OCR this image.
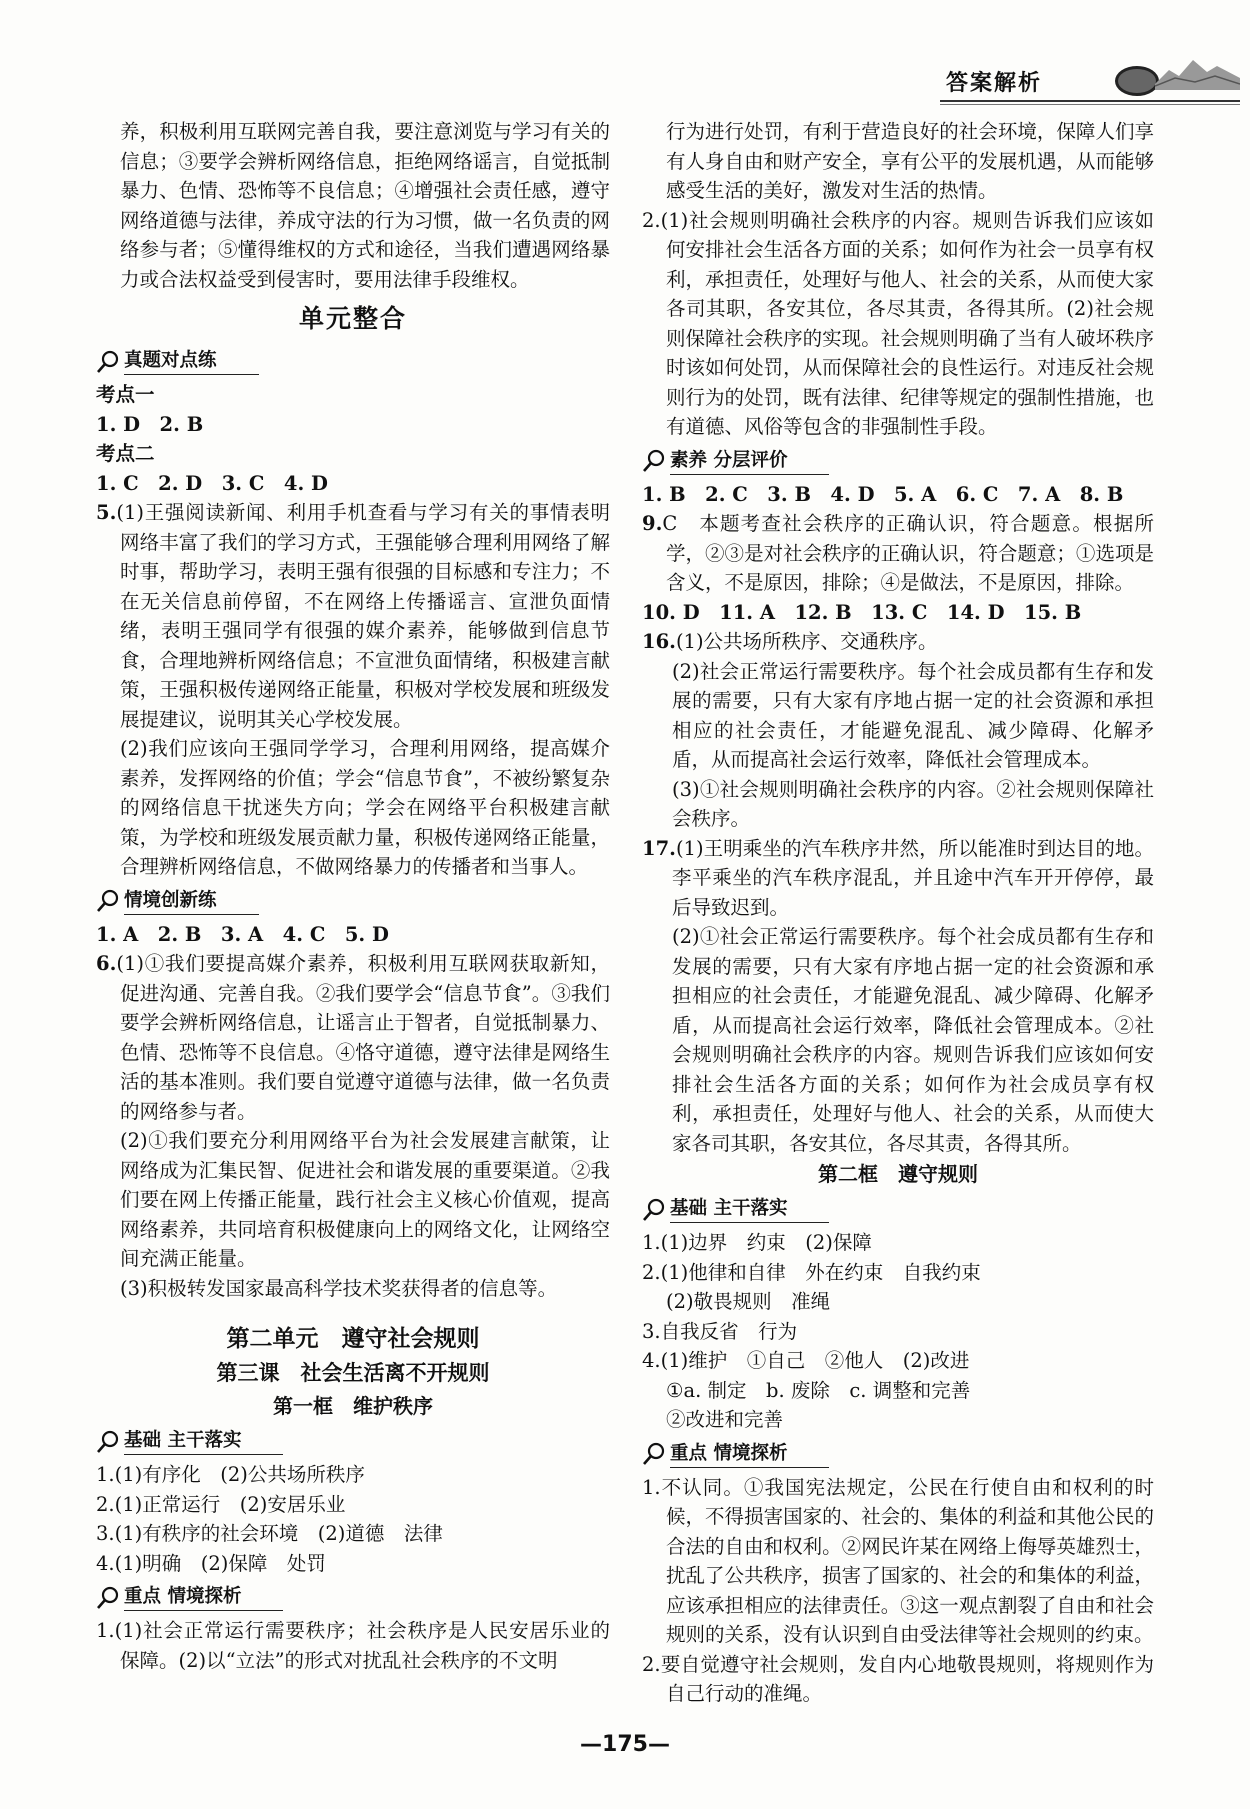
答案解析

养，积极利用互联网完善自我，要注意浏览与学习有关的信息；③要学会辨析网络信息，拒绝网络谣言，自觉抵制暴力、色情、恐怖等不良信息；④增强社会责任感，遵守网络道德与法律，养成守法的行为习惯，做一名负责的网络参与者；⑤懂得维权的方式和途径，当我们遭遇网络暴力或合法权益受到侵害时，要用法律手段维权。

单元整合
真题对点练

考点一

1. D　2. B

考点二

1. C　2. D　3. C　4. D

5.(1)王强阅读新闻、利用手机查看与学习有关的事情表明网络丰富了我们的学习方式，王强能够合理利用网络了解时事，帮助学习，表明王强有很强的目标感和专注力；不在无关信息前停留，不在网络上传播谣言、宣泄负面情绪，表明王强同学有很强的媒介素养，能够做到信息节食，合理地辨析网络信息；不宣泄负面情绪，积极建言献策，王强积极传递网络正能量，积极对学校发展和班级发展提建议，说明其关心学校发展。

(2)我们应该向王强同学学习，合理利用网络，提高媒介素养，发挥网络的价值；学会“信息节食”，不被纷繁复杂的网络信息干扰迷失方向；学会在网络平台积极建言献策，为学校和班级发展贡献力量，积极传递网络正能量，合理辨析网络信息，不做网络暴力的传播者和当事人。

情境创新练

1. A　2. B　3. A　4. C　5. D

6.(1)①我们要提高媒介素养，积极利用互联网获取新知，促进沟通、完善自我。②我们要学会“信息节食”。③我们要学会辨析网络信息，让谣言止于智者，自觉抵制暴力、色情、恐怖等不良信息。④恪守道德，遵守法律是网络生活的基本准则。我们要自觉遵守道德与法律，做一名负责的网络参与者。

(2)①我们要充分利用网络平台为社会发展建言献策，让网络成为汇集民智、促进社会和谐发展的重要渠道。②我们要在网上传播正能量，践行社会主义核心价值观，提高网络素养，共同培育积极健康向上的网络文化，让网络空间充满正能量。

(3)积极转发国家最高科学技术奖获得者的信息等。

第二单元　遵守社会规则
第三课　社会生活离不开规则
第一框　维护秩序
基础 主干落实

1.(1)有序化　(2)公共场所秩序

2.(1)正常运行　(2)安居乐业

3.(1)有秩序的社会环境　(2)道德　法律

4.(1)明确　(2)保障　处罚

重点 情境探析

1.(1)社会正常运行需要秩序；社会秩序是人民安居乐业的保障。(2)以“立法”的形式对扰乱社会秩序的不文明

行为进行处罚，有利于营造良好的社会环境，保障人们享有人身自由和财产安全，享有公平的发展机遇，从而能够感受生活的美好，激发对生活的热情。

2.(1)社会规则明确社会秩序的内容。规则告诉我们应该如何安排社会生活各方面的关系；如何作为社会一员享有权利，承担责任，处理好与他人、社会的关系，从而使大家各司其职，各安其位，各尽其责，各得其所。(2)社会规则保障社会秩序的实现。社会规则明确了当有人破坏秩序时该如何处罚，从而保障社会的良性运行。对违反社会规则行为的处罚，既有法律、纪律等规定的强制性措施，也有道德、风俗等包含的非强制性手段。

素养 分层评价

1. B　2. C　3. B　4. D　5. A　6. C　7. A　8. B

9.C　本题考查社会秩序的正确认识，符合题意。根据所学，②③是对社会秩序的正确认识，符合题意；①选项是含义，不是原因，排除；④是做法，不是原因，排除。

10. D　11. A　12. B　13. C　14. D　15. B

16.(1)公共场所秩序、交通秩序。

(2)社会正常运行需要秩序。每个社会成员都有生存和发展的需要，只有大家有序地占据一定的社会资源和承担相应的社会责任，才能避免混乱、减少障碍、化解矛盾，从而提高社会运行效率，降低社会管理成本。

(3)①社会规则明确社会秩序的内容。②社会规则保障社会秩序。

17.(1)王明乘坐的汽车秩序井然，所以能准时到达目的地。李平乘坐的汽车秩序混乱，并且途中汽车开开停停，最后导致迟到。

(2)①社会正常运行需要秩序。每个社会成员都有生存和发展的需要，只有大家有序地占据一定的社会资源和承担相应的社会责任，才能避免混乱、减少障碍、化解矛盾，从而提高社会运行效率，降低社会管理成本。②社会规则明确社会秩序的内容。规则告诉我们应该如何安排社会生活各方面的关系；如何作为社会成员享有权利，承担责任，处理好与他人、社会的关系，从而使大家各司其职，各安其位，各尽其责，各得其所。

第二框　遵守规则
基础 主干落实

1.(1)边界　约束　(2)保障

2.(1)他律和自律　外在约束　自我约束

(2)敬畏规则　准绳

3.自我反省　行为

4.(1)维护　①自己　②他人　(2)改进

①a. 制定　b. 废除　c. 调整和完善

②改进和完善

重点 情境探析

1.不认同。①我国宪法规定，公民在行使自由和权利的时候，不得损害国家的、社会的、集体的利益和其他公民的合法的自由和权利。②网民许某在网络上侮辱英雄烈士，扰乱了公共秩序，损害了国家的、社会的和集体的利益，应该承担相应的法律责任。③这一观点割裂了自由和社会规则的关系，没有认识到自由受法律等社会规则的约束。

2.要自觉遵守社会规则，发自内心地敬畏规则，将规则作为自己行动的准绳。

—175—
